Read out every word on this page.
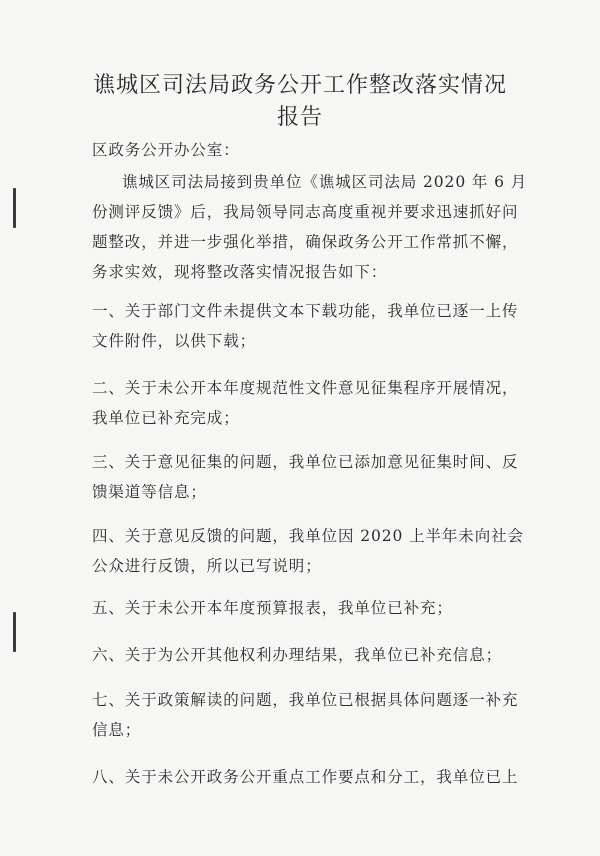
谯城区司法局政务公开工作整改落实情况
报告
区政务公开办公室：
谯城区司法局接到贵单位《谯城区司法局 2020 年 6 月
份测评反馈》后，我局领导同志高度重视并要求迅速抓好问
题整改，并进一步强化举措，确保政务公开工作常抓不懈，
务求实效，现将整改落实情况报告如下：
一、关于部门文件未提供文本下载功能，我单位已逐一上传
文件附件，以供下载；
二、关于未公开本年度规范性文件意见征集程序开展情况，
我单位已补充完成；
三、关于意见征集的问题，我单位已添加意见征集时间、反
馈渠道等信息；
四、关于意见反馈的问题，我单位因 2020 上半年未向社会
公众进行反馈，所以已写说明；
五、关于未公开本年度预算报表，我单位已补充；
六、关于为公开其他权利办理结果，我单位已补充信息；
七、关于政策解读的问题，我单位已根据具体问题逐一补充
信息；
八、关于未公开政务公开重点工作要点和分工，我单位已上
